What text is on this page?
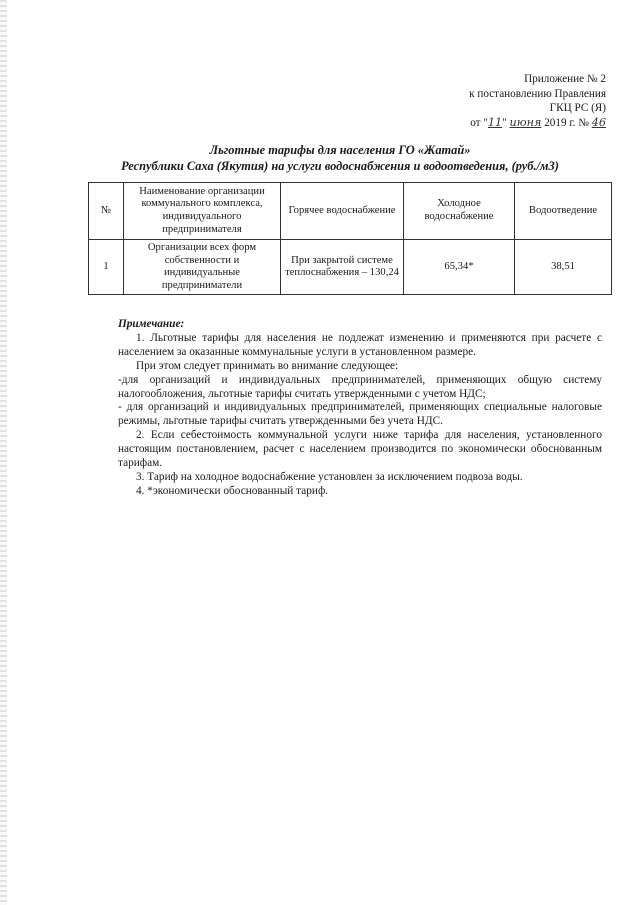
Приложение № 2
к постановлению Правления
ГКЦ РС (Я)
от "11" июня 2019 г. № 46
Льготные тарифы для населения ГО «Жатай»
Республики Саха (Якутия) на услуги водоснабжения и водоотведения, (руб./м3)
№	Наименование организации коммунального комплекса, индивидуального предпринимателя	Горячее водоснабжение	Холодное водоснабжение	Водоотведение
1	Организации всех форм собственности и индивидуальные предприниматели	При закрытой системе теплоснабжения – 130,24	65,34*	38,51
Примечание:

1. Льготные тарифы для населения не подлежат изменению и применяются при расчете с населением за оказанные коммунальные услуги в установленном размере.

При этом следует принимать во внимание следующее:

-для организаций и индивидуальных предпринимателей, применяющих общую систему налогообложения, льготные тарифы считать утвержденными с учетом НДС;

- для организаций и индивидуальных предпринимателей, применяющих специальные налоговые режимы, льготные тарифы считать утвержденными без учета НДС.

2. Если себестоимость коммунальной услуги ниже тарифа для населения, установленного настоящим постановлением, расчет с населением производится по экономически обоснованным тарифам.

3. Тариф на холодное водоснабжение установлен за исключением подвоза воды.

4. *экономически обоснованный тариф.
